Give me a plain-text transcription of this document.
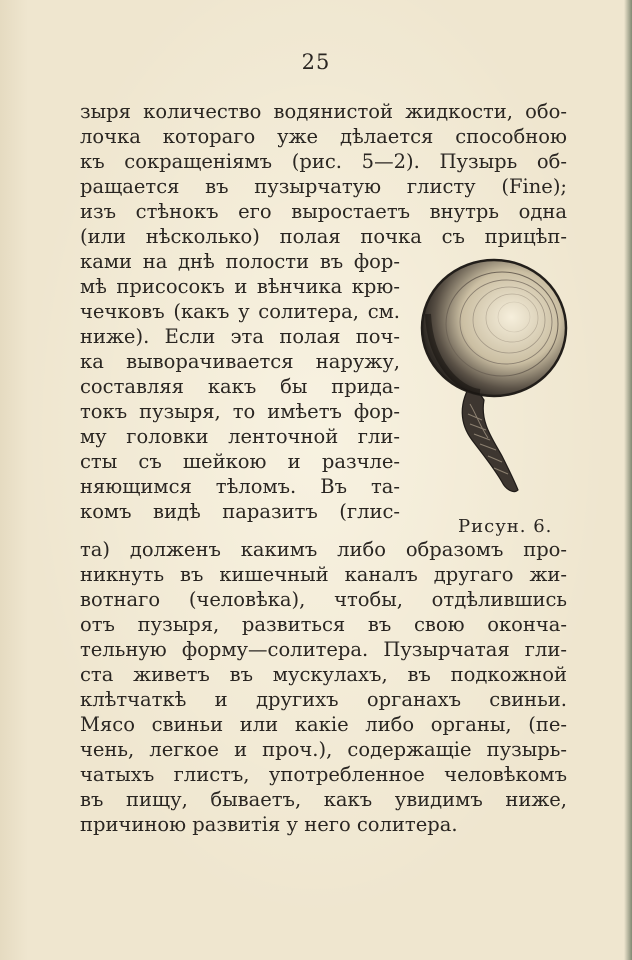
25
зыря количество водянистой жидкости, обо-
лочка котораго уже дѣлается способною
къ сокращеніямъ (рис. 5—2). Пузырь об-
ращается въ пузырчатую глисту (Fine);
изъ стѣнокъ его выростаетъ внутрь одна
(или нѣсколько) полая почка съ прицѣп-
ками на днѣ полости въ фор-
мѣ присосокъ и вѣнчика крю-
чечковъ (какъ у солитера, см.
ниже). Если эта полая поч-
ка выворачивается наружу,
составляя какъ бы прида-
токъ пузыря, то имѣетъ фор-
му головки ленточной гли-
сты съ шейкою и разчле-
няющимся тѣломъ. Въ та-
комъ видѣ паразитъ (глис-
та) долженъ какимъ либо образомъ про-
никнуть въ кишечный каналъ другаго жи-
вотнаго (человѣка), чтобы, отдѣлившись
отъ пузыря, развиться въ свою оконча-
тельную форму—солитера. Пузырчатая гли-
ста живетъ въ мускулахъ, въ подкожной
клѣтчаткѣ и другихъ органахъ свиньи.
Мясо свиньи или какіе либо органы, (пе-
чень, легкое и проч.), содержащіе пузырь-
чатыхъ глистъ, употребленное человѣкомъ
въ пищу, бываетъ, какъ увидимъ ниже,
причиною развитія у него солитера.
Рисун. 6.
